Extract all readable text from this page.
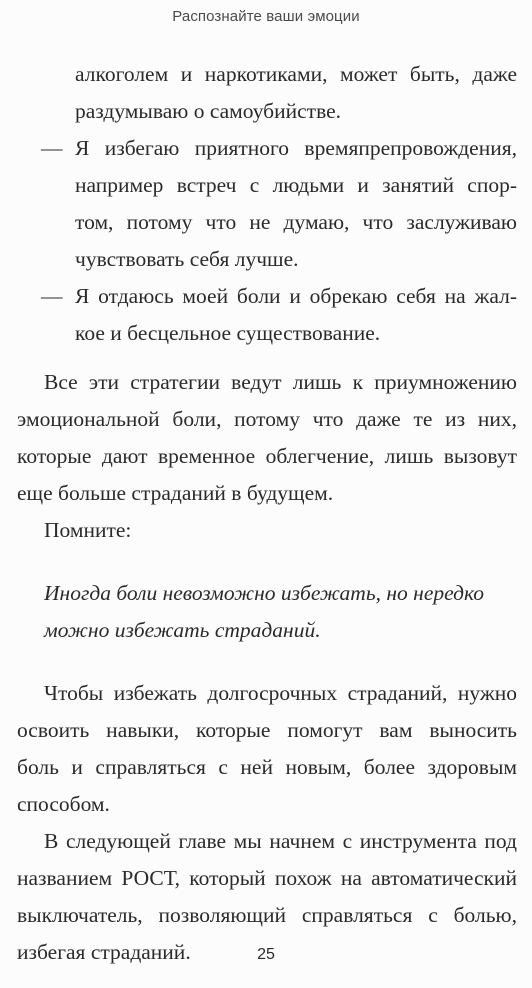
Распознайте ваши эмоции
алкоголем и наркотиками, может быть, даже
раздумываю о самоубийстве.
— Я избегаю приятного времяпрепровождения,
например встреч с людьми и занятий спор-
том, потому что не думаю, что заслуживаю
чувствовать себя лучше.
— Я отдаюсь моей боли и обрекаю себя на жал-
кое и бесцельное существование.
Все эти стратегии ведут лишь к приумножению
эмоциональной боли, потому что даже те из них,
которые дают временное облегчение, лишь вызовут
еще больше страданий в будущем.
Помните:
Иногда боли невозможно избежать, но нередко
можно избежать страданий.
Чтобы избежать долгосрочных страданий, нужно
освоить навыки, которые помогут вам выносить
боль и справляться с ней новым, более здоровым
способом.
В следующей главе мы начнем с инструмента под
названием РОСТ, который похож на автоматический
выключатель, позволяющий справляться с болью,
избегая страданий.	25
